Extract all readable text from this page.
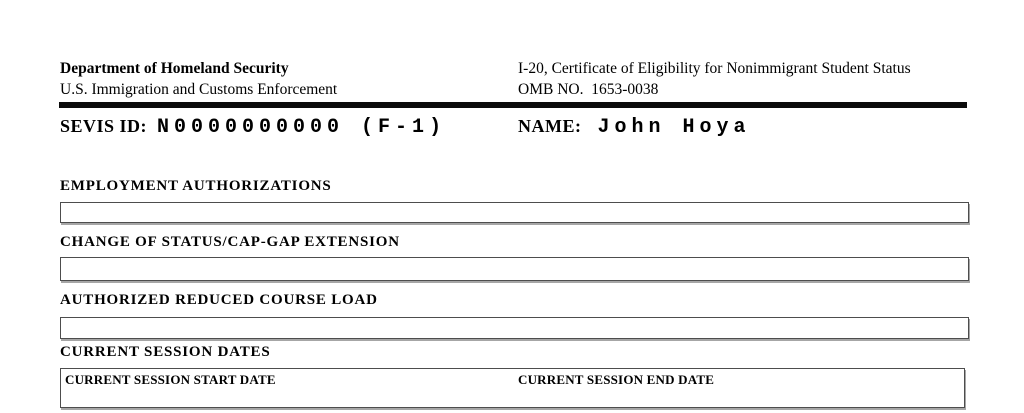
Department of Homeland Security
U.S. Immigration and Customs Enforcement
I-20, Certificate of Eligibility for Nonimmigrant Student Status
OMB NO.  1653-0038
SEVIS ID: N0000000000 (F-1)	NAME: John Hoya
EMPLOYMENT AUTHORIZATIONS
CHANGE OF STATUS/CAP-GAP EXTENSION
AUTHORIZED REDUCED COURSE LOAD
CURRENT SESSION DATES
CURRENT SESSION START DATE	CURRENT SESSION END DATE
